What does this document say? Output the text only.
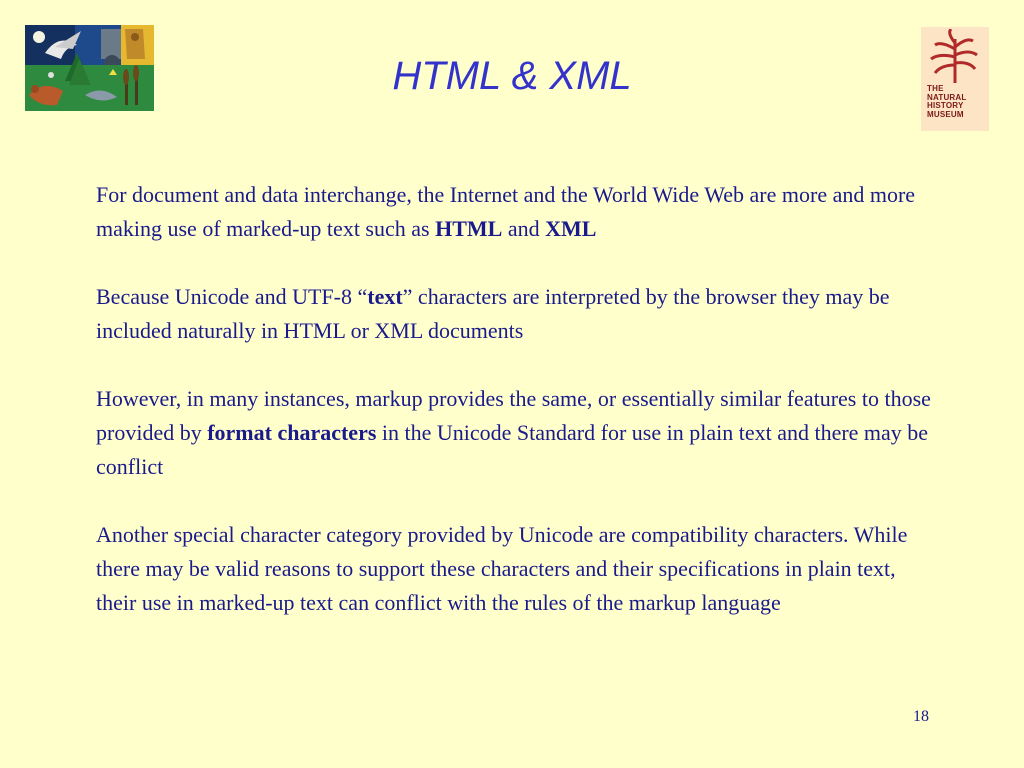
THE
NATURAL
HISTORY
MUSEUM
HTML & XML

For document and data interchange, the Internet and the World Wide Web are more and more making use of marked-up text such as HTML and XML

Because Unicode and UTF-8 “text” characters are interpreted by the browser they may be included naturally in HTML or XML documents

However, in many instances, markup provides the same, or essentially similar features to those provided by format characters in the Unicode Standard for use in plain text and there may be conflict

Another special character category provided by Unicode are compatibility characters. While there may be valid reasons to support these characters and their specifications in plain text, their use in marked-up text can conflict with the rules of the markup language

18
